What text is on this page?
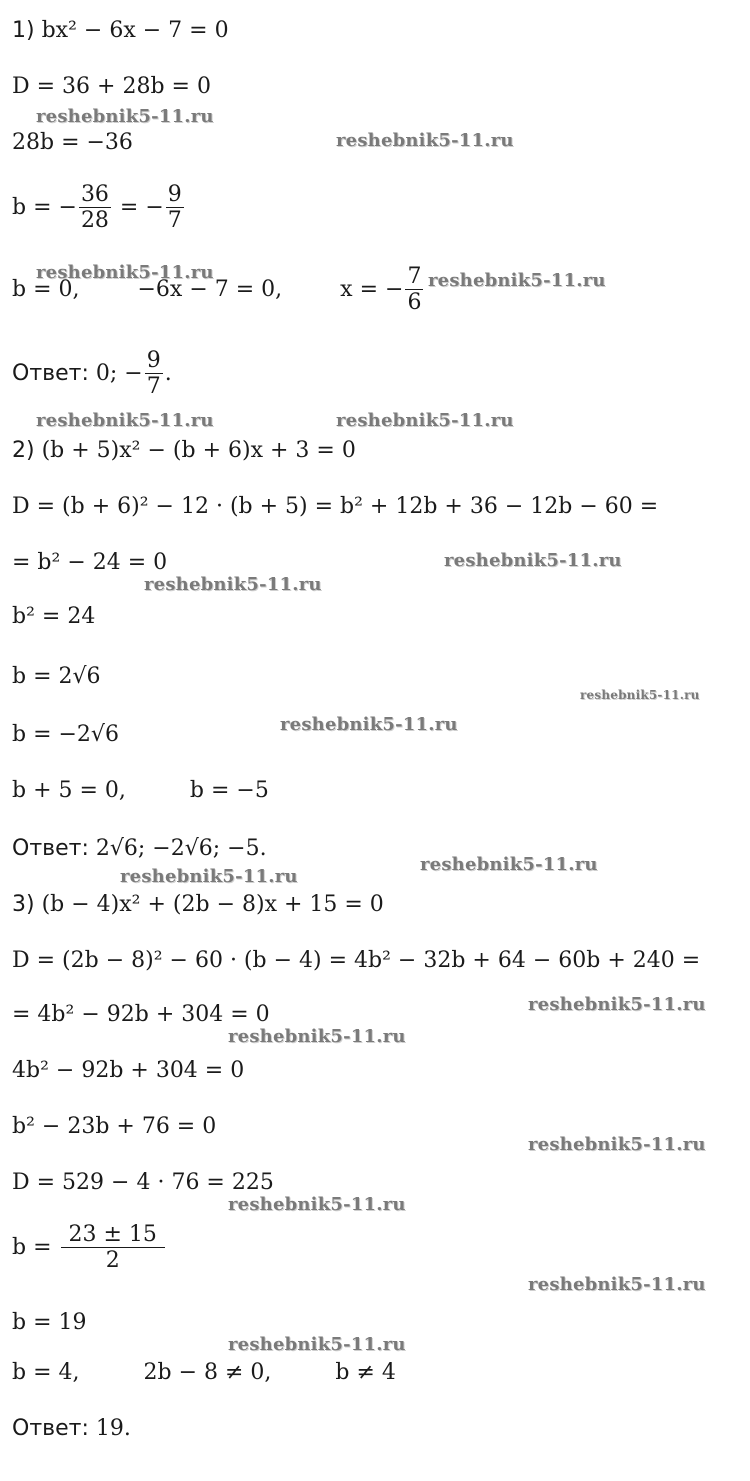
1) bx² − 6x − 7 = 0
D = 36 + 28b = 0
28b = −36
b = − $\frac{36}{28}$ = − $\frac{9}{7}$
b = 0,	−6x − 7 = 0,  x = − $\frac{7}{6}$
Ответ: 0; − $\frac{9}{7}$ .
2) (b + 5)x² − (b + 6)x + 3 = 0
D = (b + 6)² − 12 · (b + 5) = b² + 12b + 36 − 12b − 60 =
= b² − 24 = 0
b² = 24
b = 2√6
b = −2√6
b + 5 = 0,	b = −5
Ответ: 2√6; −2√6; −5.
3) (b − 4)x² + (2b − 8)x + 15 = 0
D = (2b − 8)² − 60 · (b − 4) = 4b² − 32b + 64 − 60b + 240 =
= 4b² − 92b + 304 = 0
4b² − 92b + 304 = 0
b² − 23b + 76 = 0
D = 529 − 4 · 76 = 225
$b = \frac{23 \pm 15}{2}$
b = 19
b = 4,	2b − 8 ≠ 0,	b ≠ 4
Ответ: 19.
reshebnik5-11.ru
reshebnik5-11.ru
reshebnik5-11.ru	reshebnik5-11.ru
reshebnik5-11.ru	reshebnik5-11.ru
reshebnik5-11.ru
reshebnik5-11.ru
reshebnik5-11.ru
reshebnik5-11.ru
reshebnik5-11.ru
reshebnik5-11.ru
reshebnik5-11.ru
reshebnik5-11.ru
reshebnik5-11.ru
reshebnik5-11.ru
reshebnik5-11.ru
reshebnik5-11.ru
